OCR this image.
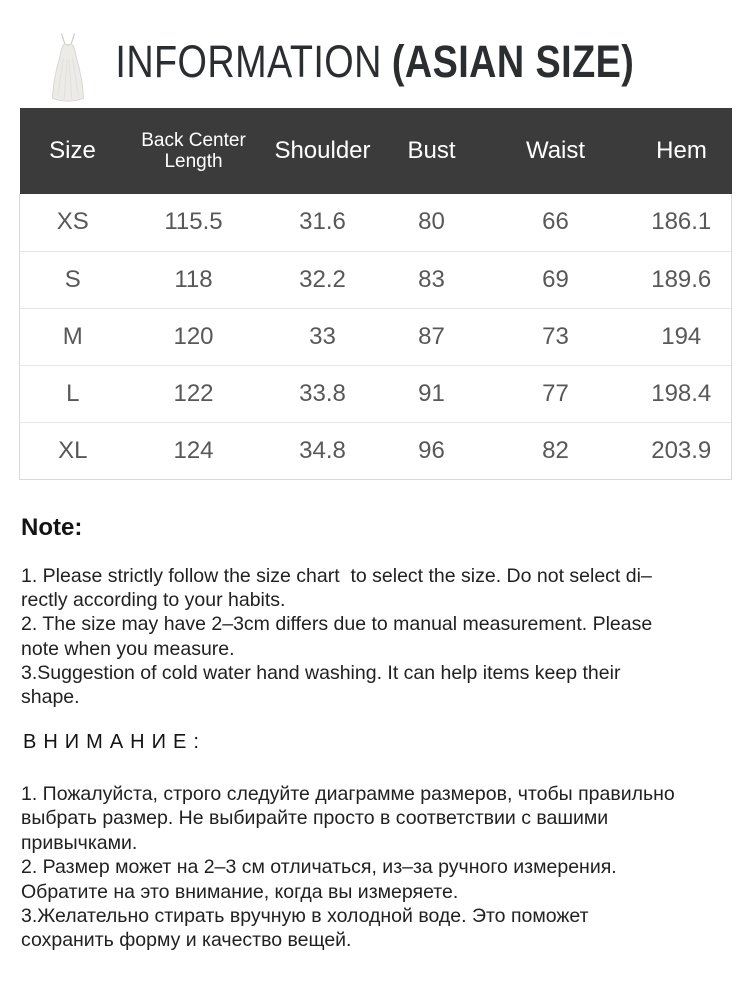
INFORMATION (ASIAN SIZE)
Size	Back Center Length	Shoulder	Bust	Waist	Hem
XS	115.5	31.6	80	66	186.1
S	118	32.2	83	69	189.6
M	120	33	87	73	194
L	122	33.8	91	77	198.4
XL	124	34.8	96	82	203.9
Note:
1. Please strictly follow the size chart  to select the size. Do not select di–
rectly according to your habits.
2. The size may have 2–3cm differs due to manual measurement. Please
note when you measure.
3.Suggestion of cold water hand washing. It can help items keep their
shape.
ВНИМАНИЕ:
1. Пожалуйста, строго следуйте диаграмме размеров, чтобы правильно
выбрать размер. Не выбирайте просто в соответствии с вашими
привычками.
2. Размер может на 2–3 см отличаться, из–за ручного измерения.
Обратите на это внимание, когда вы измеряете.
3.Желательно стирать вручную в холодной воде. Это поможет
сохранить форму и качество вещей.
